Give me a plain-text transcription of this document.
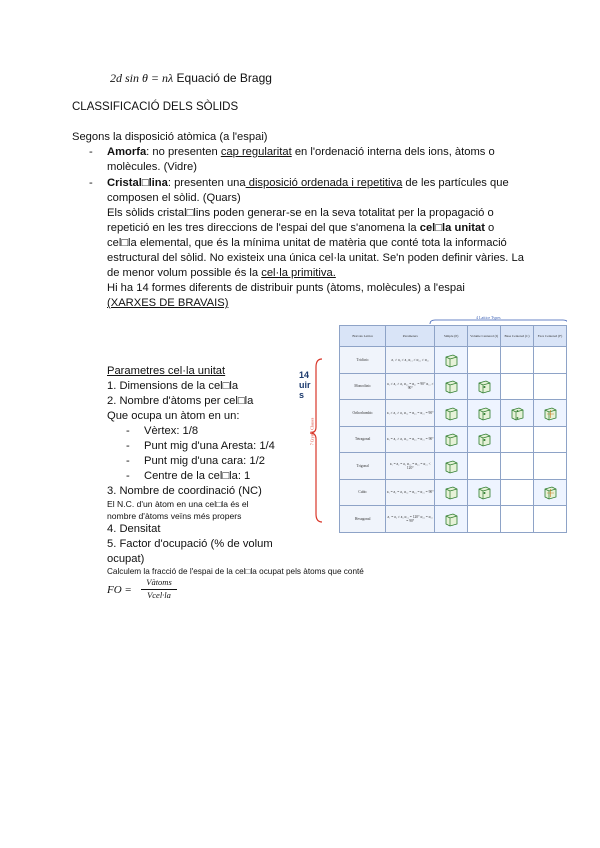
2d sin θ = nλ Equació de Bragg
CLASSIFICACIÓ DELS SÒLIDS
Segons la disposició atòmica (a l'espai)
- Amorfa: no presenten cap regularitat en l'ordenació interna dels ions, àtoms o
molècules. (Vidre)
- Cristal□lina: presenten una disposició ordenada i repetitiva de les partícules que
composen el sòlid. (Quars)
Els sòlids cristal□lins poden generar-se en la seva totalitat per la propagació o
repetició en les tres direccions de l'espai del que s'anomena la cel□la unitat o
cel□la elemental, que és la mínima unitat de matèria que conté tota la informació
estructural del sòlid. No existeix una única cel·la unitat. Se'n poden definir vàries. La
de menor volum possible és la cel·la primitiva.
Hi ha 14 formes diferents de distribuir punts (àtoms, molècules) a l'espai
(XARXES DE BRAVAIS)
14
uir
s
Parametres cel·la unitat
1. Dimensions de la cel□la
2. Nombre d'àtoms per cel□la
Que ocupa un àtom en un:
- Vèrtex: 1/8
- Punt mig d'una Aresta: 1/4
- Punt mig d'una cara: 1/2
- Centre de la cel□la: 1
3. Nombre de coordinació (NC)
El N.C. d'un àtom en una cel□la és el
nombre d'àtoms veïns més propers
4. Densitat
5. Factor d'ocupació (% de volum
ocupat)
Calculem la fracció de l'espai de la cel□la ocupat pels àtoms que conté
FO =
Vàtoms
Vcel·la
4 Lattice Types
7 Crystal Classes
Bravais Lattice	Parameters	Simple (P)	Volume Centered (I)	Base Centered (C)	Face Centered (F)
Triclinic	a₁ ≠ a₂ ≠ a₃ α₁₂ ≠ α₂₃ ≠ α₃₁				
Monoclinic	a₁ ≠ a₂ ≠ a₃ α₂₃ = α₃₁ = 90° α₁₂ ≠ 90°				
Orthorhombic	a₁ ≠ a₂ ≠ a₃ α₁₂ = α₂₃ = α₃₁ = 90°				
Tetragonal	a₁ = a₂ ≠ a₃ α₁₂ = α₂₃ = α₃₁ = 90°				
Trigonal	a₁ = a₂ = a₃ α₁₂ = α₂₃ = α₃₁ < 120°				
Cubic	a₁ = a₂ = a₃ α₁₂ = α₂₃ = α₃₁ = 90°				
Hexagonal	a₁ = a₂ ≠ a₃ α₁₂ = 120° α₂₃ = α₃₁ = 90°				
